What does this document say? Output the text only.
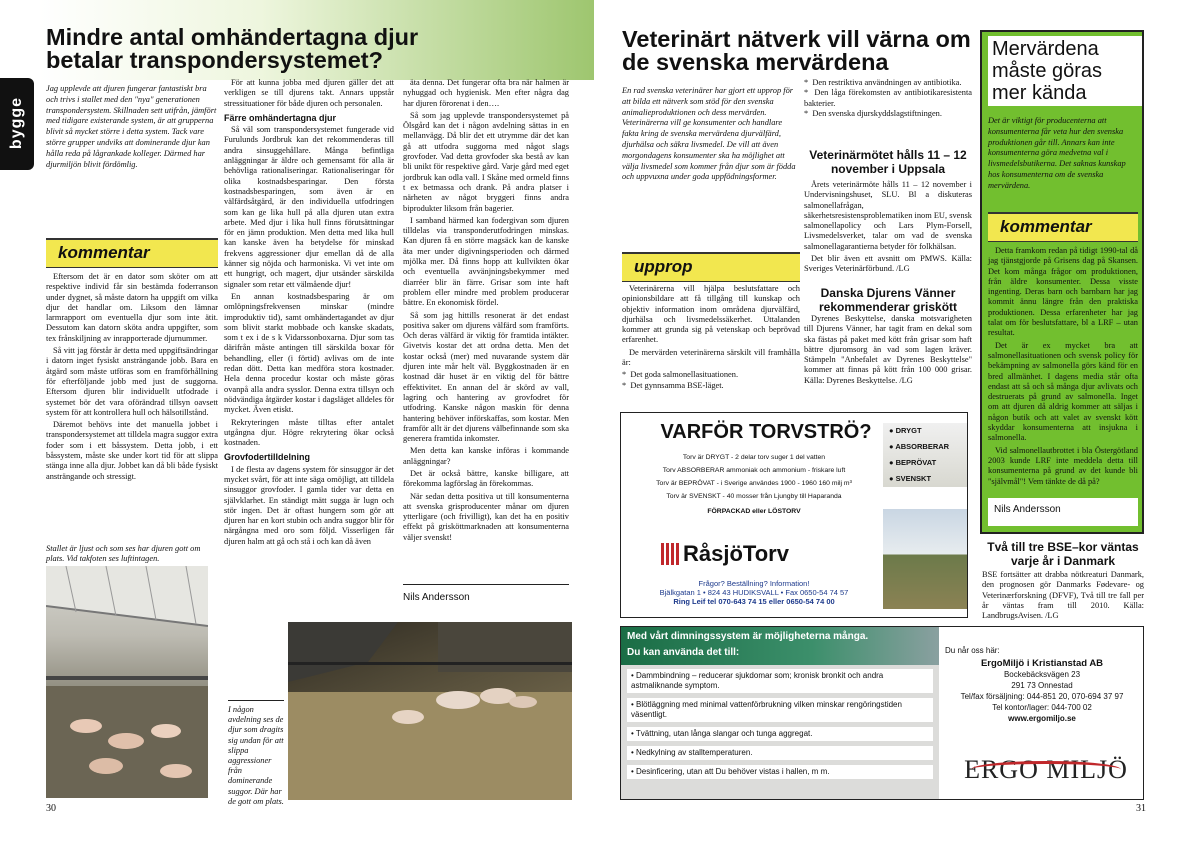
Mindre antal omhändertagna djur betalar transpondersystemet?
bygge
Jag upplevde att djuren fungerar fantastiskt bra och trivs i stallet med den "nya" generationen transpondersystem. Skillnaden sett utifrån, jämfört med tidigare existerande system, är att grupperna blivit så mycket större i detta system. Tack vare större grupper undviks att dominerande djur kan hålla reda på lågrankade kolleger. Därmed har djurmiljön blivit fördömlig.
kommentar

Eftersom det är en dator som sköter om att respektive individ får sin bestämda foderranson under dygnet, så måste datorn ha uppgift om vilka djur det handlar om. Liksom den lämnar larmrapport om eventuella djur som inte ätit. Dessutom kan datorn sköta andra uppgifter, som tex frånskiljning av inrapporterade djurnummer.

Så vitt jag förstår är detta med uppgiftsändringar i datorn inget fysiskt ansträngande jobb. Bara en åtgärd som måste utföras som en framförhållning för efterföljande jobb med just de suggorna. Eftersom djuren blir individuellt utfodrade i systemet bör det vara oförändrad tillsyn oavsett system för att kontrollera hull och hälsotillstånd.

Däremot behövs inte det manuella jobbet i transpondersystemet att tilldela magra suggor extra foder som i ett båssystem. Detta jobb, i ett båssystem, måste ske under kort tid för att slippa stänga inne alla djur. Jobbet kan då bli både fysiskt ansträngande och stressigt.

Stallet är ljust och som ses har djuren gott om plats. Vid takfoten ses luftintagen.

För att kunna jobba med djuren gäller det att verkligen se till djurens takt. Annars uppstår stressituationer för både djuren och personalen.

Färre omhändertagna djur

Så väl som transpondersystemet fungerade vid Furulunds Jordbruk kan det rekommenderas till andra sinsuggehållare. Många befintliga anläggningar är äldre och gemensamt för alla är behövliga rationaliseringar. Rationaliseringar för olika kostnadsbesparingar. Den första kostnadsbesparingen, som även är en välfärdsåtgärd, är den individuella utfodringen som kan ge lika hull på alla djuren utan extra arbete. Med djur i lika hull finns förutsättningar för en jämn produktion. Men detta med lika hull kan kanske även ha betydelse för minskad frekvens aggressioner djur emellan då de alla känner sig nöjda och harmoniska. Vi vet inte om ett hungrigt, och magert, djur utsänder särskilda signaler som retar ett välmående djur!

En annan kostnadsbesparing är om omlöpningsfrekvensen minskar (mindre improduktiv tid), samt omhändertagandet av djur som blivit starkt mobbade och kanske skadats, som t ex i de s k Vidarssonboxarna. Djur som tas därifrån måste antingen till särskilda boxar för behandling, eller (i förtid) avlivas om de inte redan dött. Detta kan medföra stora kostnader. Hela denna procedur kostar och måste göras ovanpå alla andra sysslor. Denna extra tillsyn och nödvändiga åtgärder kostar i dagsläget alldeles för mycket. Även etiskt.

Rekryteringen måste tilltas efter antalet utgångna djur. Högre rekrytering ökar också kostnaden.

Grovfodertilldelning

I de flesta av dagens system för sinsuggor är det mycket svårt, för att inte säga omöjligt, att tilldela sinsuggor grovfoder. I gamla tider var detta en självklarhet. En ständigt mätt sugga är lugn och stör ingen. Det är oftast hungern som gör att djuren har en kort stubin och andra suggor blir för närgångna med oro som följd. Visserligen får djuren halm att gå och stå i och kan då även

äta denna. Det fungerar ofta bra när halmen är nyhuggad och hygienisk. Men efter några dag har djuren förorenat i den….

Så som jag upplevde transpondersystemet på Ölsgård kan det i någon avdelning sättas in en mellanvägg. Då blir det ett utrymme där det kan gå att utfodra suggorna med något slags grovfoder. Vad detta grovfoder ska bestå av kan bli unikt för respektive gård. Varje gård med eget jordbruk kan odla vall. I Skåne med ormeld finns t ex betmassa och drank. På andra platser i närheten av något bryggeri finns andra biprodukter liksom från bagerier.

I samband härmed kan fodergivan som djuren tilldelas via transponderutfodringen minskas. Kan djuren få en större magsäck kan de kanske äta mer under digivningsperioden och därmed mjölka mer. Då finns hopp att kullvikten ökar och eventuella avvänjningsbekymmer med diarréer blir än färre. Grisar som inte haft problem eller mindre med problem producerar bättre. En ekonomisk fördel.

Så som jag hittills resonerat är det endast positiva saker om djurens välfärd som framförts. Och deras välfärd är viktig för framtida intäkter. Givetvis kostar det att ordna detta. Men det kostar också (mer) med nuvarande system där djuren inte mår helt väl. Byggkostnaden är en kostnad där huset är en viktig del för bättre effektivitet. En annan del är skörd av vall, lagring och hantering av grovfodret för utfodring. Kanske någon maskin för denna hantering behöver införskaffas, som kostar. Men framför allt är det djurens välbefinnande som ska generera framtida inkomster.

Men detta kan kanske införas i kommande anläggningar?

Det är också bättre, kanske billigare, att förekomma lagförslag än förekommas.

När sedan detta positiva ut till konsumenterna att svenska grisproducenter månar om djuren ytterligare (och frivilligt), kan det ha en positiv effekt på grisköttmarknaden att konsumenterna väljer svenskt!

Nils Andersson
I någon avdelning ses de djur som dragits sig undan för att slippa aggressioner från dominerande suggor. Där har de gott om plats.
30
Veterinärt nätverk vill värna om de svenska mervärdena
En rad svenska veterinärer har gjort ett upprop för att bilda ett nätverk som stöd för den svenska animalieproduktionen och dess mervärden. Veterinärerna vill ge konsumenter och handlare fakta kring de svenska mervärdena djurvälfärd, djurhälsa och säkra livsmedel. De vill att även morgondagens konsumenter ska ha möjlighet att välja livsmedel som kommer från djur som är födda och uppvuxna under goda uppfödningsformer.
upprop

Veterinärerna vill hjälpa beslutsfattare och opinionsbildare att få tillgång till kunskap och objektiv information inom områdena djurvälfärd, djurhälsa och livsmedelssäkerhet. Uttalanden kommer att grunda sig på vetenskap och beprövad erfarenhet.

De mervärden veterinärerna särskilt vill framhålla är:

*  Det goda salmonellasituationen.
*  Det gynnsamma BSE-läget.
*  Den restriktiva användningen av antibiotika.
*  Den låga förekomsten av antibiotikaresistenta bakterier.
*  Den svenska djurskyddslagstiftningen.
Veterinärmötet hålls 11 – 12 november i Uppsala

Årets veterinärmöte hålls 11 – 12 november i Undervisningshuset, SLU. Bl a diskuteras salmonellafrågan, säkerhetsresistensproblematiken inom EU, svensk salmonellapolicy och Lars Plym-Forsell, Livsmedelsverket, talar om vad de svenska salmonellagarantierna betyder för folkhälsan.

Det blir även ett avsnitt om PMWS. Källa: Sveriges Veterinärförbund. /LG

Danska Djurens Vänner rekommenderar griskött

Dyrenes Beskyttelse, danska motsvarigheten till Djurens Vänner, har tagit fram en dekal som ska fästas på paket med kött från grisar som haft bättre djuromsorg än vad som lagen kräver. Stämpeln "Anbefalet av Dyrenes Beskyttelse" kommer att finnas på kött från 100 000 grisar. Källa: Dyrenes Beskyttelse. /LG

Mervärdena måste göras mer kända
Det är viktigt för producenterna att konsumenterna får veta hur den svenska produktionen går till. Annars kan inte konsumenterna göra medvetna val i livsmedelsbutikerna. Det saknas kunskap hos konsumenterna om de svenska mervärdena.
kommentar

Detta framkom redan på tidigt 1990-tal då jag tjänstgjorde på Grisens dag på Skansen. Det kom många frågor om produktionen, från äldre konsumenter. Dessa visste ingenting. Deras barn och barnbarn har jag kommit ännu längre från den praktiska produktionen. Dessa erfarenheter har jag talat om för beslutsfattare, bl a LRF – utan resultat.

Det är ex mycket bra att salmonellasituationen och svensk policy för bekämpning av salmonella görs känd för en bred allmänhet. I dagens media står ofta endast att så och så många djur avlivats och destruerats på grund av salmonella. Inget om att djuren då aldrig kommer att säljas i någon butik och att valet av svenskt kött skyddar konsumenterna att insjukna i salmonella.

Vid salmonellautbrottet i bla Östergötland 2003 kunde LRF inte meddela detta till konsumenterna på grund av det kunde bli "självmål"! Vem tänkte de då på?

Nils Andersson
Två till tre BSE–kor väntas varje år i Danmark
BSE fortsätter att drabba nötkreaturi Danmark, den prognosen gör Danmarks Fødevare- og Veterinærforskning (DFVF), Två till tre fall per år väntas fram till 2010. Källa: LandbrugsAvisen. /LG
VARFÖR TORVSTRÖ?
Torv är DRYGT - 2 delar torv suger 1 del vatten
Torv ABSORBERAR ammoniak och ammonium - friskare luft
Torv är BEPRÖVAT - i Sverige användes 1900 - 1960 160 milj m³
Torv är SVENSKT - 40 mosser från Ljungby till Haparanda
FÖRPACKAD eller LÖSTORV
● DRYGT
● ABSORBERAR
● BEPRÖVAT
● SVENSKT
RåsjöTorv
Frågor? Beställning? Information!
Bjälkgatan 1 • 824 43 HUDIKSVALL • Fax 0650-54 74 57
Ring Leif tel 070-643 74 15 eller 0650-54 74 00
Med vårt dimningssystem är möjligheterna många.
Du kan använda det till:
• Dammbindning – reducerar sjukdomar som; kronisk bronkit och andra astmaliknande symptom.
• Blötläggning med minimal vattenförbrukning vilken minskar rengöringstiden väsentligt.
• Tvättning, utan långa slangar och tunga aggregat.
• Nedkylning av stalltemperaturen.
• Desinficering, utan att Du behöver vistas i hallen, m m.
Du når oss här:
ErgoMiljö i Kristianstad AB
Bockebäcksvägen 23
291 73 Onnestad
Tel/fax försäljning: 044-851 20, 070-694 37 97
Tel kontor/lager: 044-700 02
www.ergomiljo.se
ERGO MILJÖ
31
